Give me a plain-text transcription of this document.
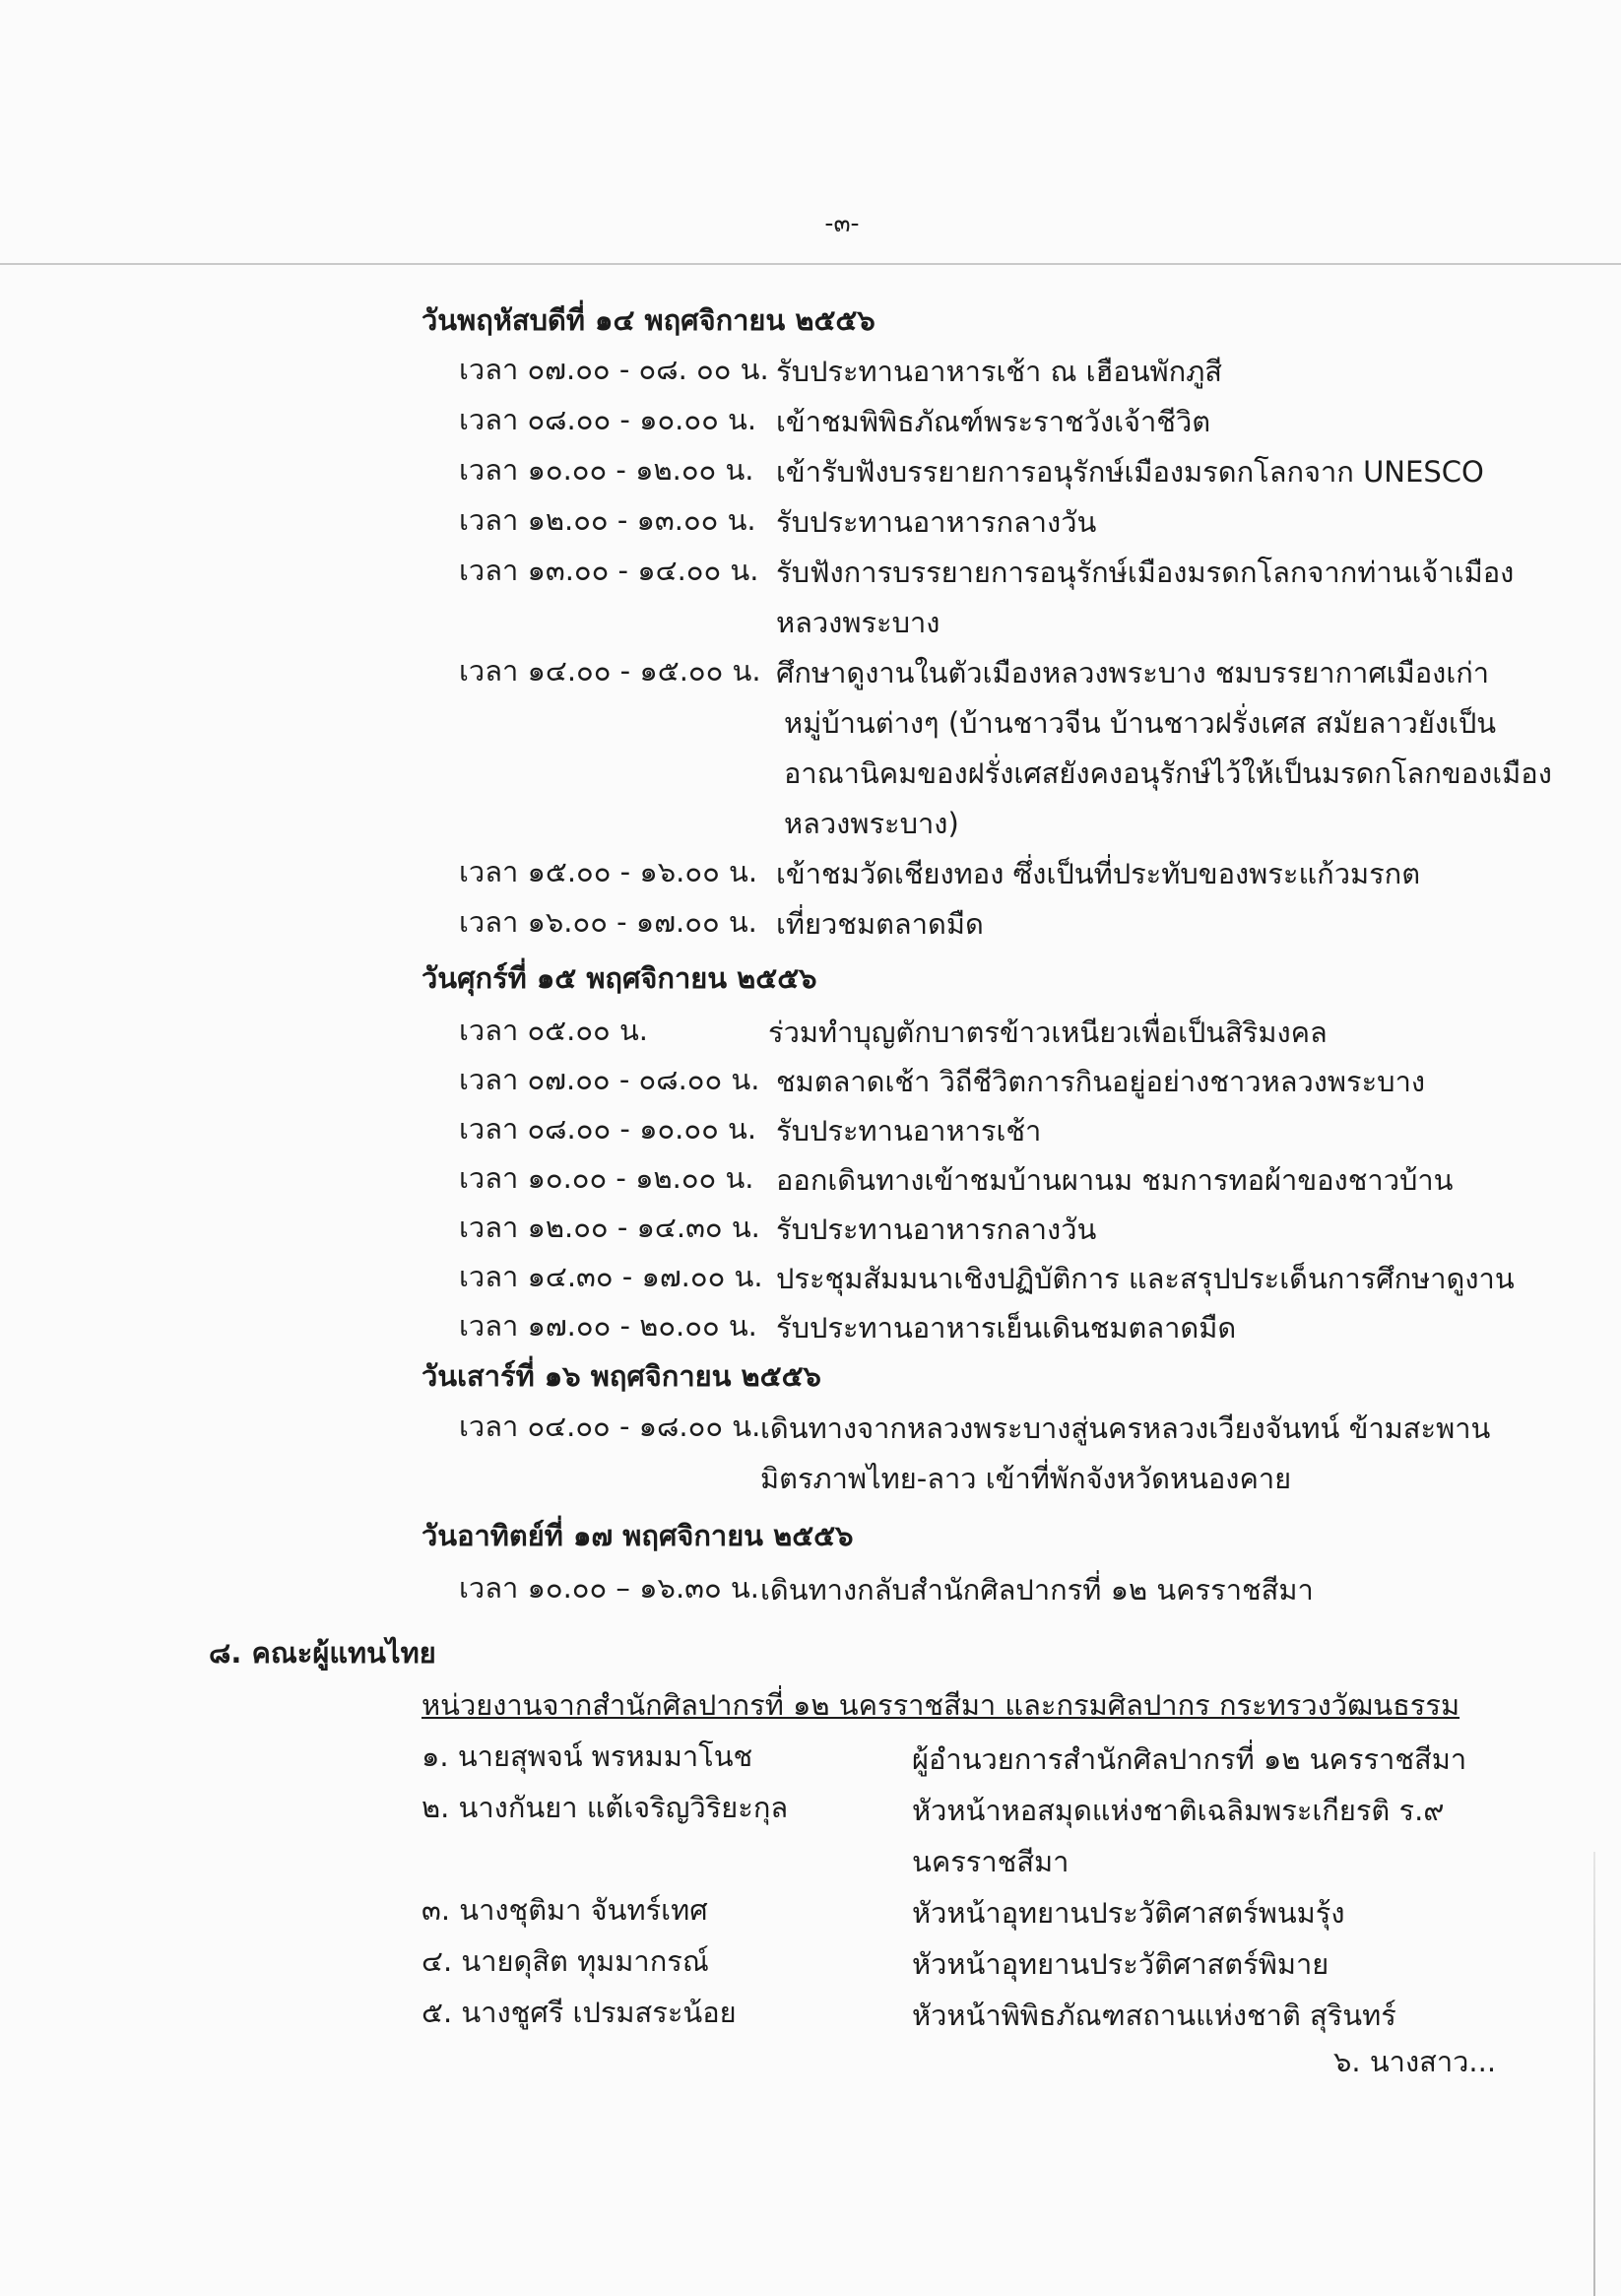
-๓-
วันพฤหัสบดีที่ ๑๔ พฤศจิกายน ๒๕๕๖
เวลา ๐๗.๐๐ - ๐๘. ๐๐ น. รับประทานอาหารเช้า ณ เฮือนพักภูสี
เวลา ๐๘.๐๐ - ๑๐.๐๐ น. เข้าชมพิพิธภัณฑ์พระราชวังเจ้าชีวิต
เวลา ๑๐.๐๐ - ๑๒.๐๐ น. เข้ารับฟังบรรยายการอนุรักษ์เมืองมรดกโลกจาก UNESCO
เวลา ๑๒.๐๐ - ๑๓.๐๐ น. รับประทานอาหารกลางวัน
เวลา ๑๓.๐๐ - ๑๔.๐๐ น. รับฟังการบรรยายการอนุรักษ์เมืองมรดกโลกจากท่านเจ้าเมือง
หลวงพระบาง
เวลา ๑๔.๐๐ - ๑๕.๐๐ น. ศึกษาดูงานในตัวเมืองหลวงพระบาง ชมบรรยากาศเมืองเก่า
หมู่บ้านต่างๆ (บ้านชาวจีน บ้านชาวฝรั่งเศส สมัยลาวยังเป็น
อาณานิคมของฝรั่งเศสยังคงอนุรักษ์ไว้ให้เป็นมรดกโลกของเมือง
หลวงพระบาง)
เวลา ๑๕.๐๐ - ๑๖.๐๐ น. เข้าชมวัดเชียงทอง ซึ่งเป็นที่ประทับของพระแก้วมรกต
เวลา ๑๖.๐๐ - ๑๗.๐๐ น. เที่ยวชมตลาดมืด
วันศุกร์ที่ ๑๕ พฤศจิกายน ๒๕๕๖
เวลา ๐๕.๐๐ น.	ร่วมทำบุญตักบาตรข้าวเหนียวเพื่อเป็นสิริมงคล
เวลา ๐๗.๐๐ - ๐๘.๐๐ น. ชมตลาดเช้า วิถีชีวิตการกินอยู่อย่างชาวหลวงพระบาง
เวลา ๐๘.๐๐ - ๑๐.๐๐ น. รับประทานอาหารเช้า
เวลา ๑๐.๐๐ - ๑๒.๐๐ น. ออกเดินทางเข้าชมบ้านผานม ชมการทอผ้าของชาวบ้าน
เวลา ๑๒.๐๐ - ๑๔.๓๐ น. รับประทานอาหารกลางวัน
เวลา ๑๔.๓๐ - ๑๗.๐๐ น. ประชุมสัมมนาเชิงปฏิบัติการ และสรุปประเด็นการศึกษาดูงาน
เวลา ๑๗.๐๐ - ๒๐.๐๐ น. รับประทานอาหารเย็นเดินชมตลาดมืด
วันเสาร์ที่ ๑๖ พฤศจิกายน ๒๕๕๖
เวลา ๐๔.๐๐ - ๑๘.๐๐ น. เดินทางจากหลวงพระบางสู่นครหลวงเวียงจันทน์ ข้ามสะพาน
มิตรภาพไทย-ลาว เข้าที่พักจังหวัดหนองคาย
วันอาทิตย์ที่ ๑๗ พฤศจิกายน ๒๕๕๖
เวลา ๑๐.๐๐ – ๑๖.๓๐ น. เดินทางกลับสำนักศิลปากรที่ ๑๒ นครราชสีมา
๘. คณะผู้แทนไทย
หน่วยงานจากสำนักศิลปากรที่ ๑๒ นครราชสีมา และกรมศิลปากร กระทรวงวัฒนธรรม
๑. นายสุพจน์ พรหมมาโนช	ผู้อำนวยการสำนักศิลปากรที่ ๑๒ นครราชสีมา
๒. นางกันยา แต้เจริญวิริยะกุล	หัวหน้าหอสมุดแห่งชาติเฉลิมพระเกียรติ ร.๙
นครราชสีมา
๓. นางชุติมา จันทร์เทศ	หัวหน้าอุทยานประวัติศาสตร์พนมรุ้ง
๔. นายดุสิต ทุมมากรณ์	หัวหน้าอุทยานประวัติศาสตร์พิมาย
๕. นางชูศรี เปรมสระน้อย	หัวหน้าพิพิธภัณฑสถานแห่งชาติ สุรินทร์
๖. นางสาว...
